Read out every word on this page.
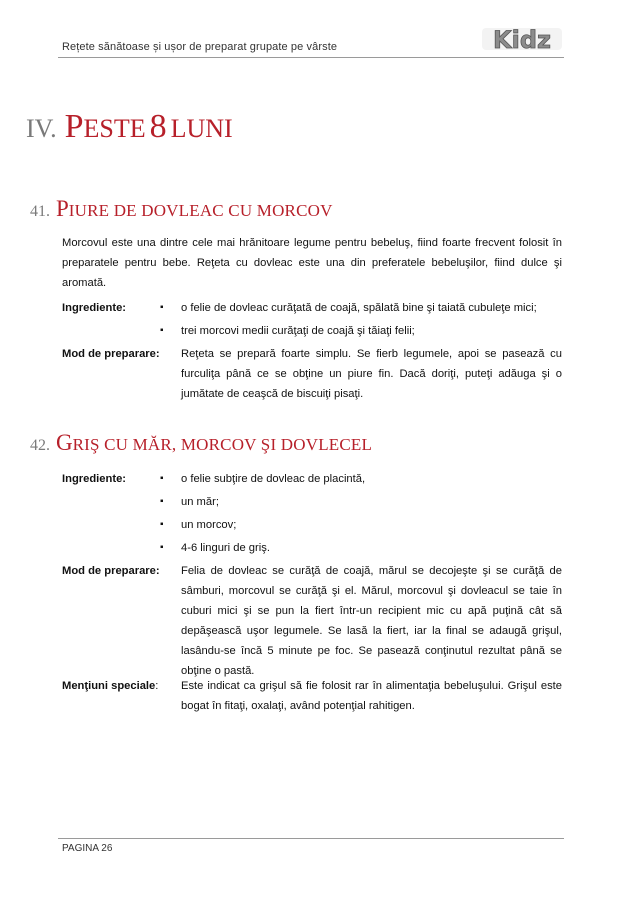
Rețete sănătoase și ușor de preparat grupate pe vârste	Kidz
IV. PESTE 8 LUNI
41. PIURE DE DOVLEAC CU MORCOV
Morcovul este una dintre cele mai hrănitoare legume pentru bebeluş, fiind foarte frecvent folosit în preparatele pentru bebe. Reţeta cu dovleac este una din preferatele bebeluşilor, fiind dulce şi aromată.
Ingrediente:	▪ o felie de dovleac curăţată de coajă, spălată bine şi taiată cubuleţe mici;
▪ trei morcovi medii curăţaţi de coajă şi tăiaţi felii;
Mod de preparare: Reţeta se prepară foarte simplu. Se fierb legumele, apoi se pasează cu furculiţa până ce se obţine un piure fin. Dacă doriţi, puteţi adăuga şi o jumătate de ceaşcă de biscuiţi pisaţi.
42. GRIŞ CU MĂR, MORCOV ŞI DOVLECEL
Ingrediente:	▪ o felie subţire de dovleac de placintă,
▪ un măr;
▪ un morcov;
▪ 4-6 linguri de griş.
Mod de preparare: Felia de dovleac se curăţă de coajă, mărul se decojeşte şi se curăţă de sâmburi, morcovul se curăţă şi el. Mărul, morcovul şi dovleacul se taie în cuburi mici şi se pun la fiert într-un recipient mic cu apă puţină cât să depăşească uşor legumele. Se lasă la fiert, iar la final se adaugă grişul, lasându-se încă 5 minute pe foc. Se pasează conţinutul rezultat până se obţine o pastă.
Menţiuni speciale: Este indicat ca grişul să fie folosit rar în alimentaţia bebeluşului. Grişul este bogat în fitaţi, oxalaţi, având potenţial rahitigen.
PAGINA 26
